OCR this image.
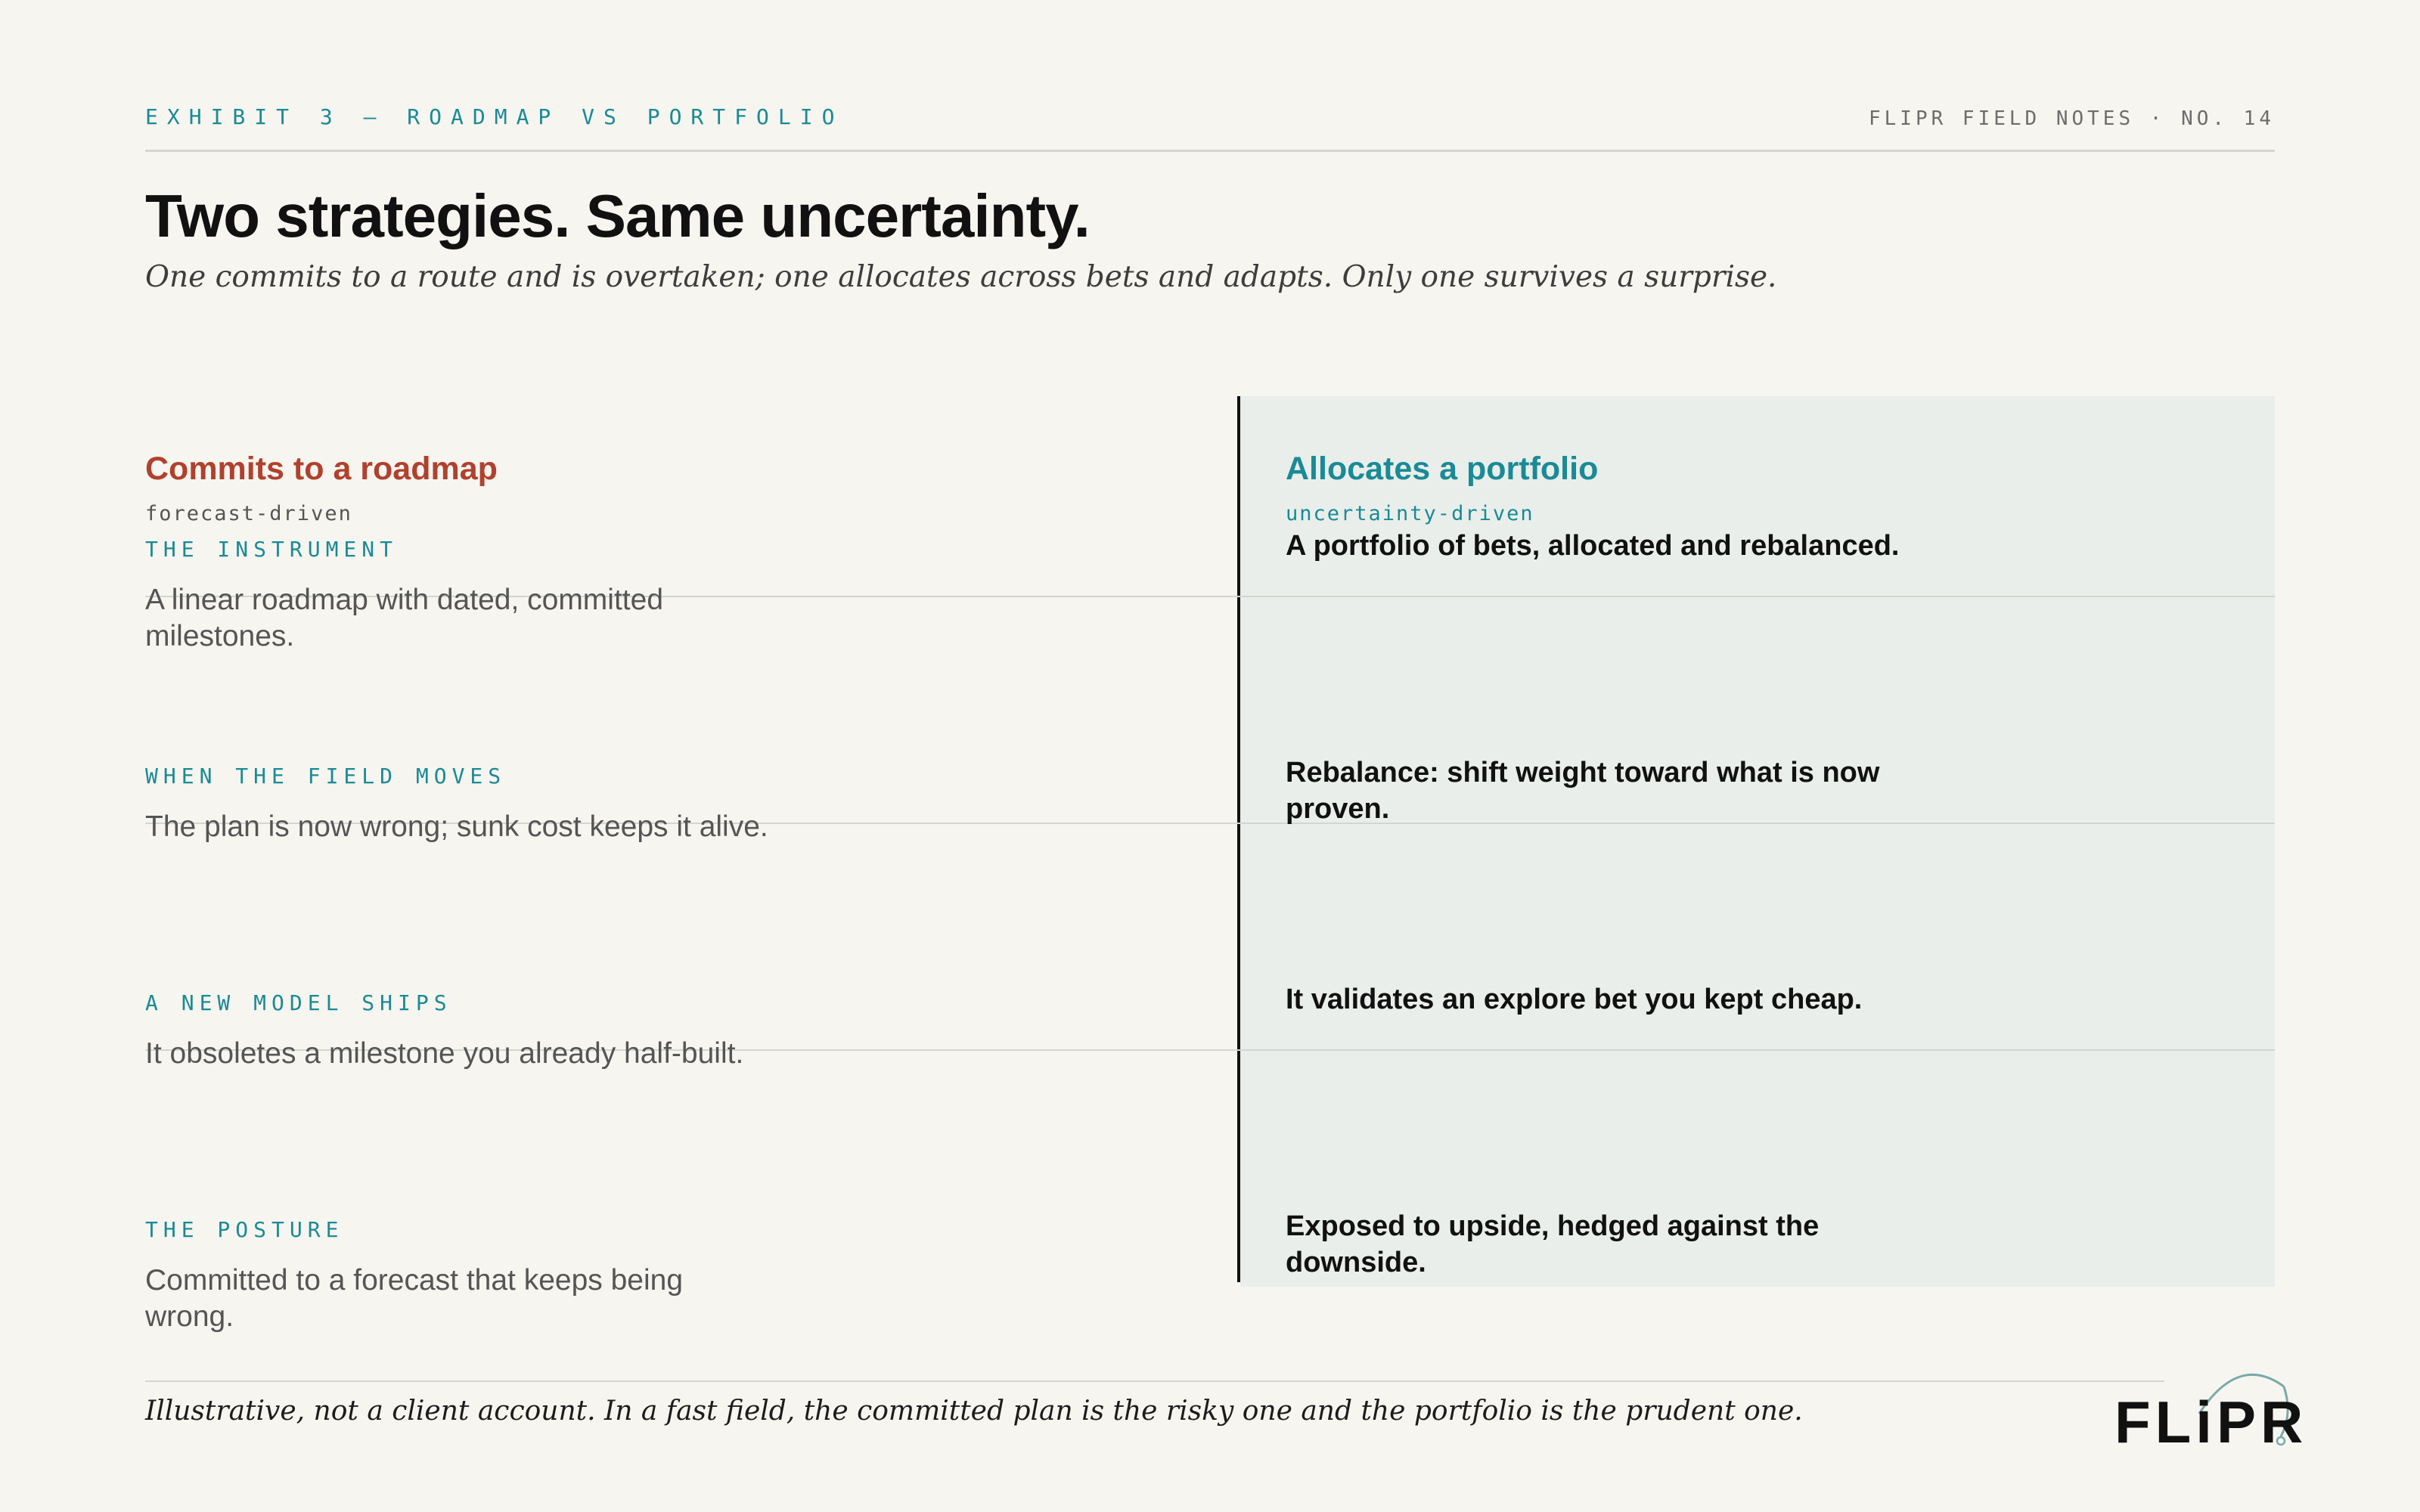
EXHIBIT 3 — ROADMAP VS PORTFOLIO	FLIPR FIELD NOTES · NO. 14
Two strategies. Same uncertainty.

One commits to a route and is overtaken; one allocates across bets and adapts. Only one survives a surprise.

Commits to a roadmap
forecast-driven
Allocates a portfolio
uncertainty-driven
THE INSTRUMENT
A linear roadmap with dated, committed milestones.
A portfolio of bets, allocated and rebalanced.
WHEN THE FIELD MOVES
The plan is now wrong; sunk cost keeps it alive.
Rebalance: shift weight toward what is now proven.
A NEW MODEL SHIPS
It obsoletes a milestone you already half-built.
It validates an explore bet you kept cheap.
THE POSTURE
Committed to a forecast that keeps being wrong.
Exposed to upside, hedged against the downside.
Illustrative, not a client account. In a fast field, the committed plan is the risky one and the portfolio is the prudent one.	FLiPR
